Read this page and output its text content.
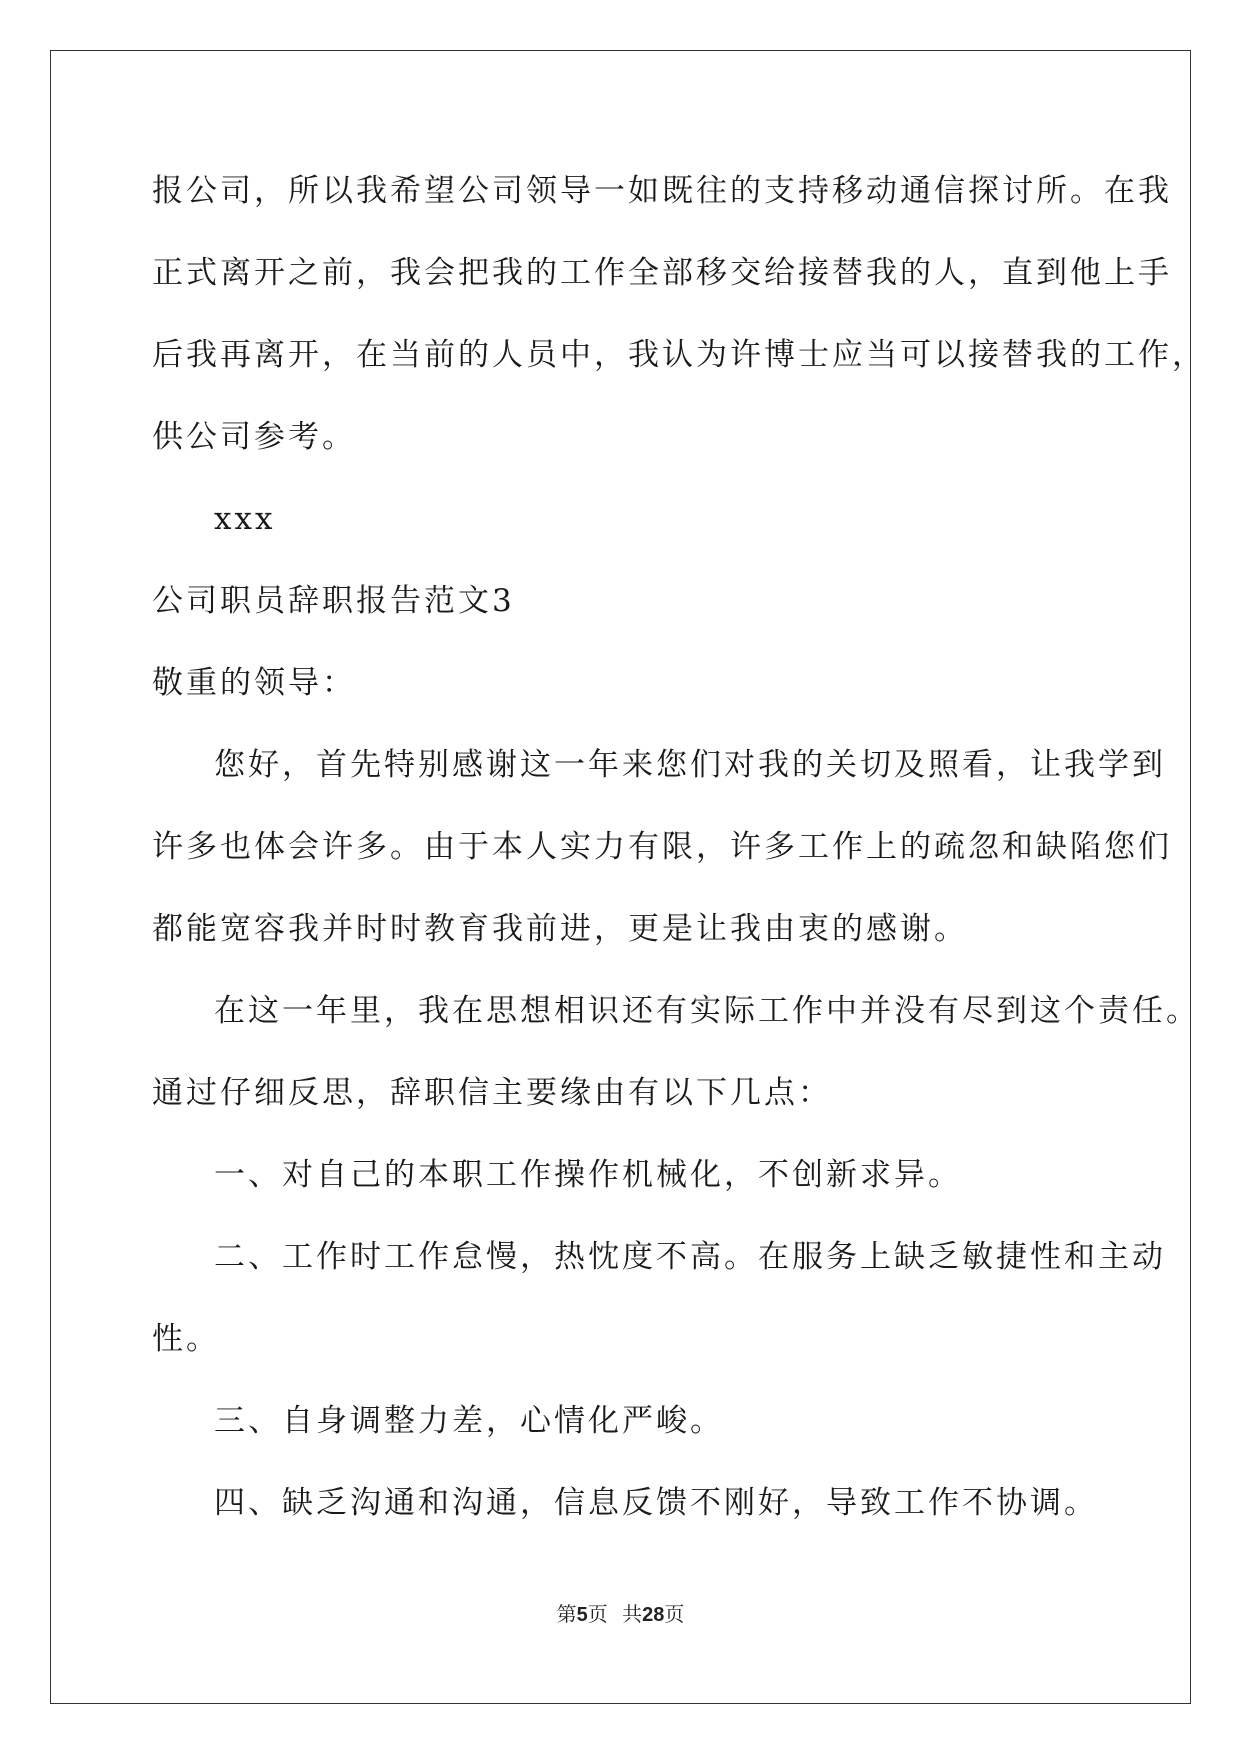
报公司，所以我希望公司领导一如既往的支持移动通信探讨所。在我
正式离开之前，我会把我的工作全部移交给接替我的人，直到他上手
后我再离开，在当前的人员中，我认为许博士应当可以接替我的工作，
供公司参考。
xxx
公司职员辞职报告范文3
敬重的领导：
您好，首先特别感谢这一年来您们对我的关切及照看，让我学到
许多也体会许多。由于本人实力有限，许多工作上的疏忽和缺陷您们
都能宽容我并时时教育我前进，更是让我由衷的感谢。
在这一年里，我在思想相识还有实际工作中并没有尽到这个责任。
通过仔细反思，辞职信主要缘由有以下几点：
一、对自己的本职工作操作机械化，不创新求异。
二、工作时工作怠慢，热忱度不高。在服务上缺乏敏捷性和主动
性。
三、自身调整力差，心情化严峻。
四、缺乏沟通和沟通，信息反馈不刚好，导致工作不协调。
第5页 共28页
